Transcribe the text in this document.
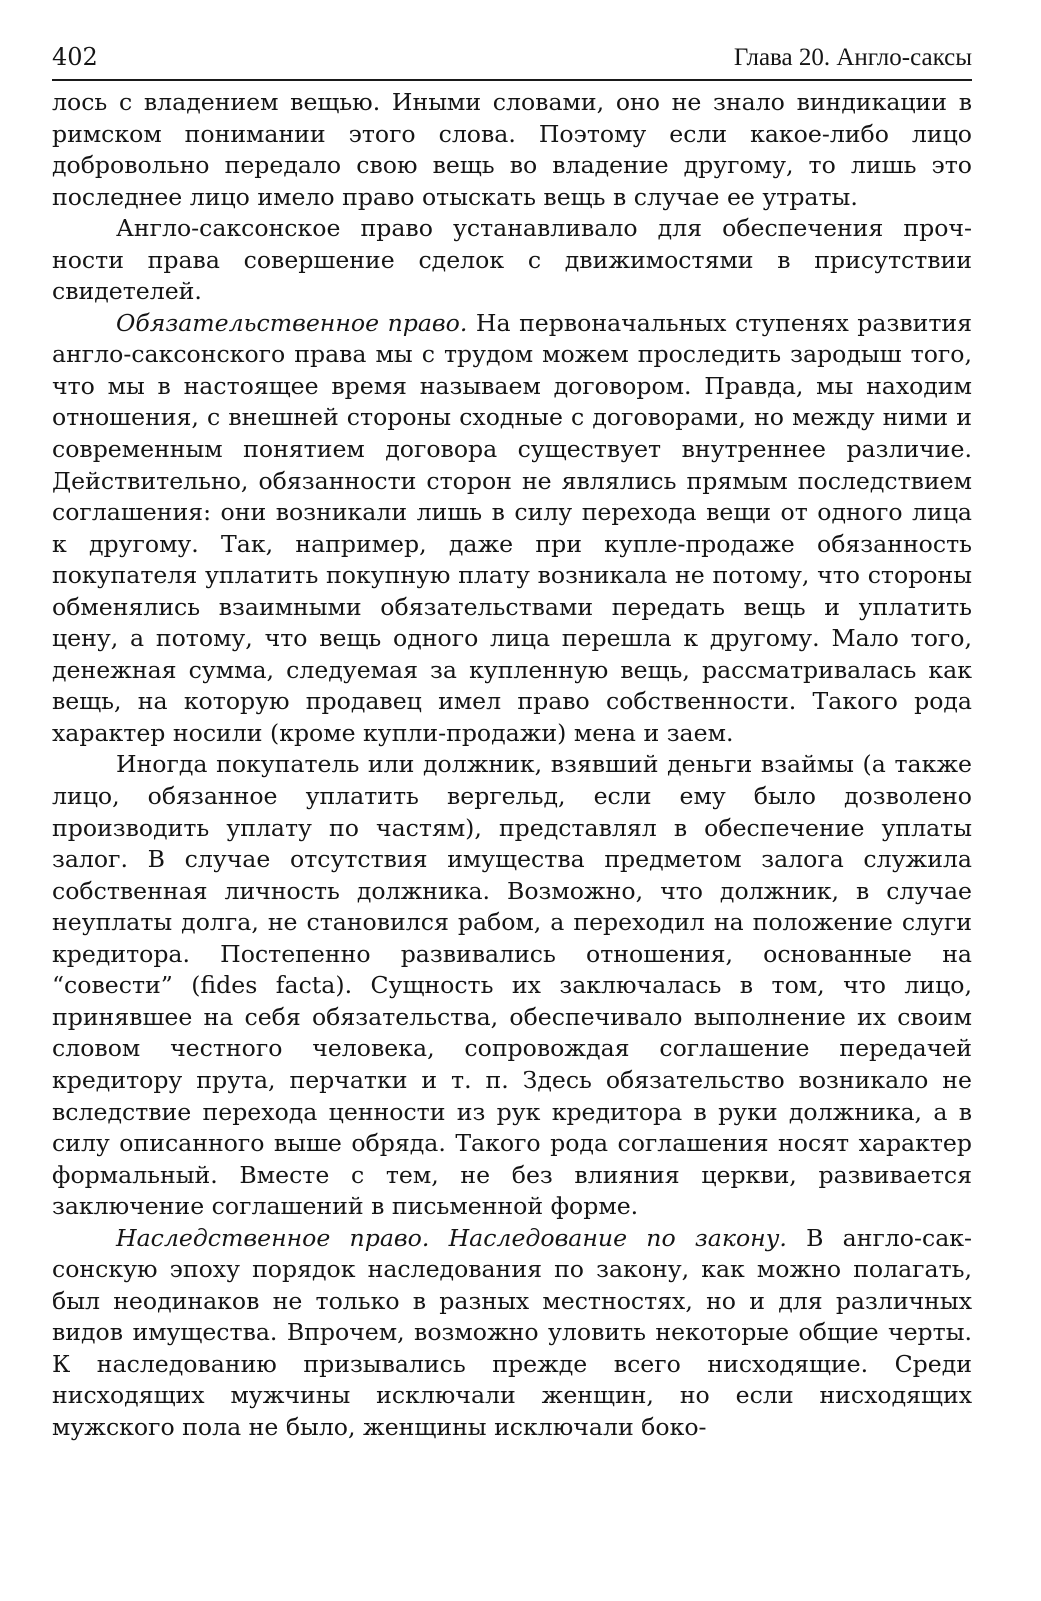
402	Глава 20. Англо-саксы

лось с владением вещью. Иными словами, оно не знало виндикации в римском понимании этого слова. Поэтому если какое-либо лицо добровольно передало свою вещь во владение другому, то лишь это последнее лицо имело право отыскать вещь в случае ее утраты.

Англо-саксонское право устанавливало для обеспечения прочности права совершение сделок с движимостями в присутствии свидетелей.

Обязательственное право. На первоначальных ступенях развития англо-саксонского права мы с трудом можем проследить зародыш того, что мы в настоящее время называем договором. Правда, мы находим отношения, с внешней стороны сходные с договорами, но между ними и современным понятием договора существует внутреннее различие. Действительно, обязанности сторон не являлись прямым последствием соглашения: они возникали лишь в силу перехода вещи от одного лица к другому. Так, например, даже при купле-продаже обязанность покупателя уплатить покупную плату возникала не потому, что стороны обменялись взаимными обязательствами передать вещь и уплатить цену, а потому, что вещь одного лица перешла к другому. Мало того, денежная сумма, следуемая за купленную вещь, рассматривалась как вещь, на которую продавец имел право собственности. Такого рода характер носили (кроме купли-продажи) мена и заем.

Иногда покупатель или должник, взявший деньги взаймы (а также лицо, обязанное уплатить вергельд, если ему было дозволено производить уплату по частям), представлял в обеспечение уплаты залог. В случае отсутствия имущества предметом залога служила собственная личность должника. Возможно, что должник, в случае неуплаты долга, не становился рабом, а переходил на положение слуги кредитора. Постепенно развивались отношения, основанные на “совести” (fides facta). Сущность их заключалась в том, что лицо, принявшее на себя обязательства, обеспечивало выполнение их своим словом честного человека, сопровождая соглашение передачей кредитору прута, перчатки и т. п. Здесь обязательство возникало не вследствие перехода ценности из рук кредитора в руки должника, а в силу описанного выше обряда. Такого рода соглашения носят характер формальный. Вместе с тем, не без влияния церкви, развивается заключение соглашений в письменной форме.

Наследственное право. Наследование по закону. В англо-саксонскую эпоху порядок наследования по закону, как можно полагать, был неодинаков не только в разных местностях, но и для различных видов имущества. Впрочем, возможно уловить некоторые общие черты. К наследованию призывались прежде всего нисходящие. Среди нисходящих мужчины исключали женщин, но если нисходящих мужского пола не было, женщины исключали боко-
